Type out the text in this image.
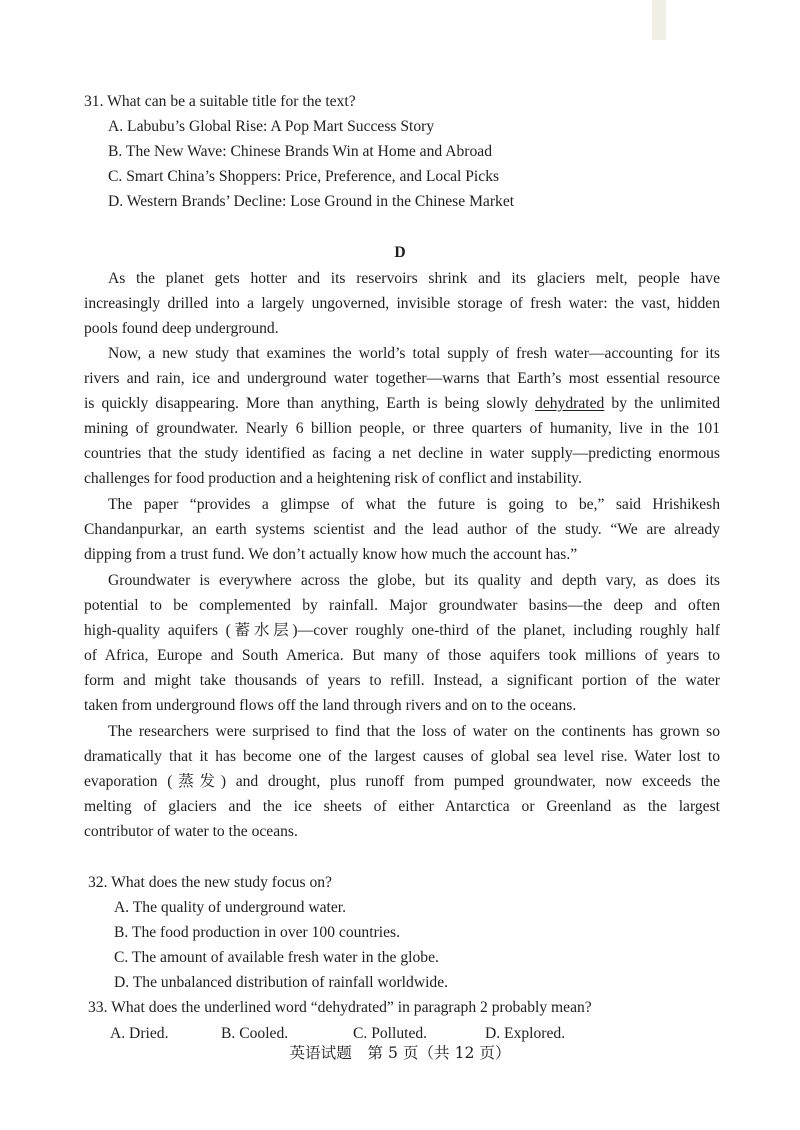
31. What can be a suitable title for the text?
A. Labubu’s Global Rise: A Pop Mart Success Story
B. The New Wave: Chinese Brands Win at Home and Abroad
C. Smart China’s Shoppers: Price, Preference, and Local Picks
D. Western Brands’ Decline: Lose Ground in the Chinese Market
D
As the planet gets hotter and its reservoirs shrink and its glaciers melt, people have
increasingly drilled into a largely ungoverned, invisible storage of fresh water: the vast, hidden
pools found deep underground.
Now, a new study that examines the world’s total supply of fresh water—accounting for its
rivers and rain, ice and underground water together—warns that Earth’s most essential resource
is quickly disappearing. More than anything, Earth is being slowly dehydrated by the unlimited
mining of groundwater. Nearly 6 billion people, or three quarters of humanity, live in the 101
countries that the study identified as facing a net decline in water supply—predicting enormous
challenges for food production and a heightening risk of conflict and instability.
The paper “provides a glimpse of what the future is going to be,” said Hrishikesh
Chandanpurkar, an earth systems scientist and the lead author of the study. “We are already
dipping from a trust fund. We don’t actually know how much the account has.”
Groundwater is everywhere across the globe, but its quality and depth vary, as does its
potential to be complemented by rainfall. Major groundwater basins—the deep and often
high-quality aquifers (蓄水层)—cover roughly one-third of the planet, including roughly half
of Africa, Europe and South America. But many of those aquifers took millions of years to
form and might take thousands of years to refill. Instead, a significant portion of the water
taken from underground flows off the land through rivers and on to the oceans.
The researchers were surprised to find that the loss of water on the continents has grown so
dramatically that it has become one of the largest causes of global sea level rise. Water lost to
evaporation (蒸发) and drought, plus runoff from pumped groundwater, now exceeds the
melting of glaciers and the ice sheets of either Antarctica or Greenland as the largest
contributor of water to the oceans.
32. What does the new study focus on?
A. The quality of underground water.
B. The food production in over 100 countries.
C. The amount of available fresh water in the globe.
D. The unbalanced distribution of rainfall worldwide.
33. What does the underlined word “dehydrated” in paragraph 2 probably mean?
A. Dried.	B. Cooled.	C. Polluted.	D. Explored.
英语试题　第 5 页（共 12 页）
